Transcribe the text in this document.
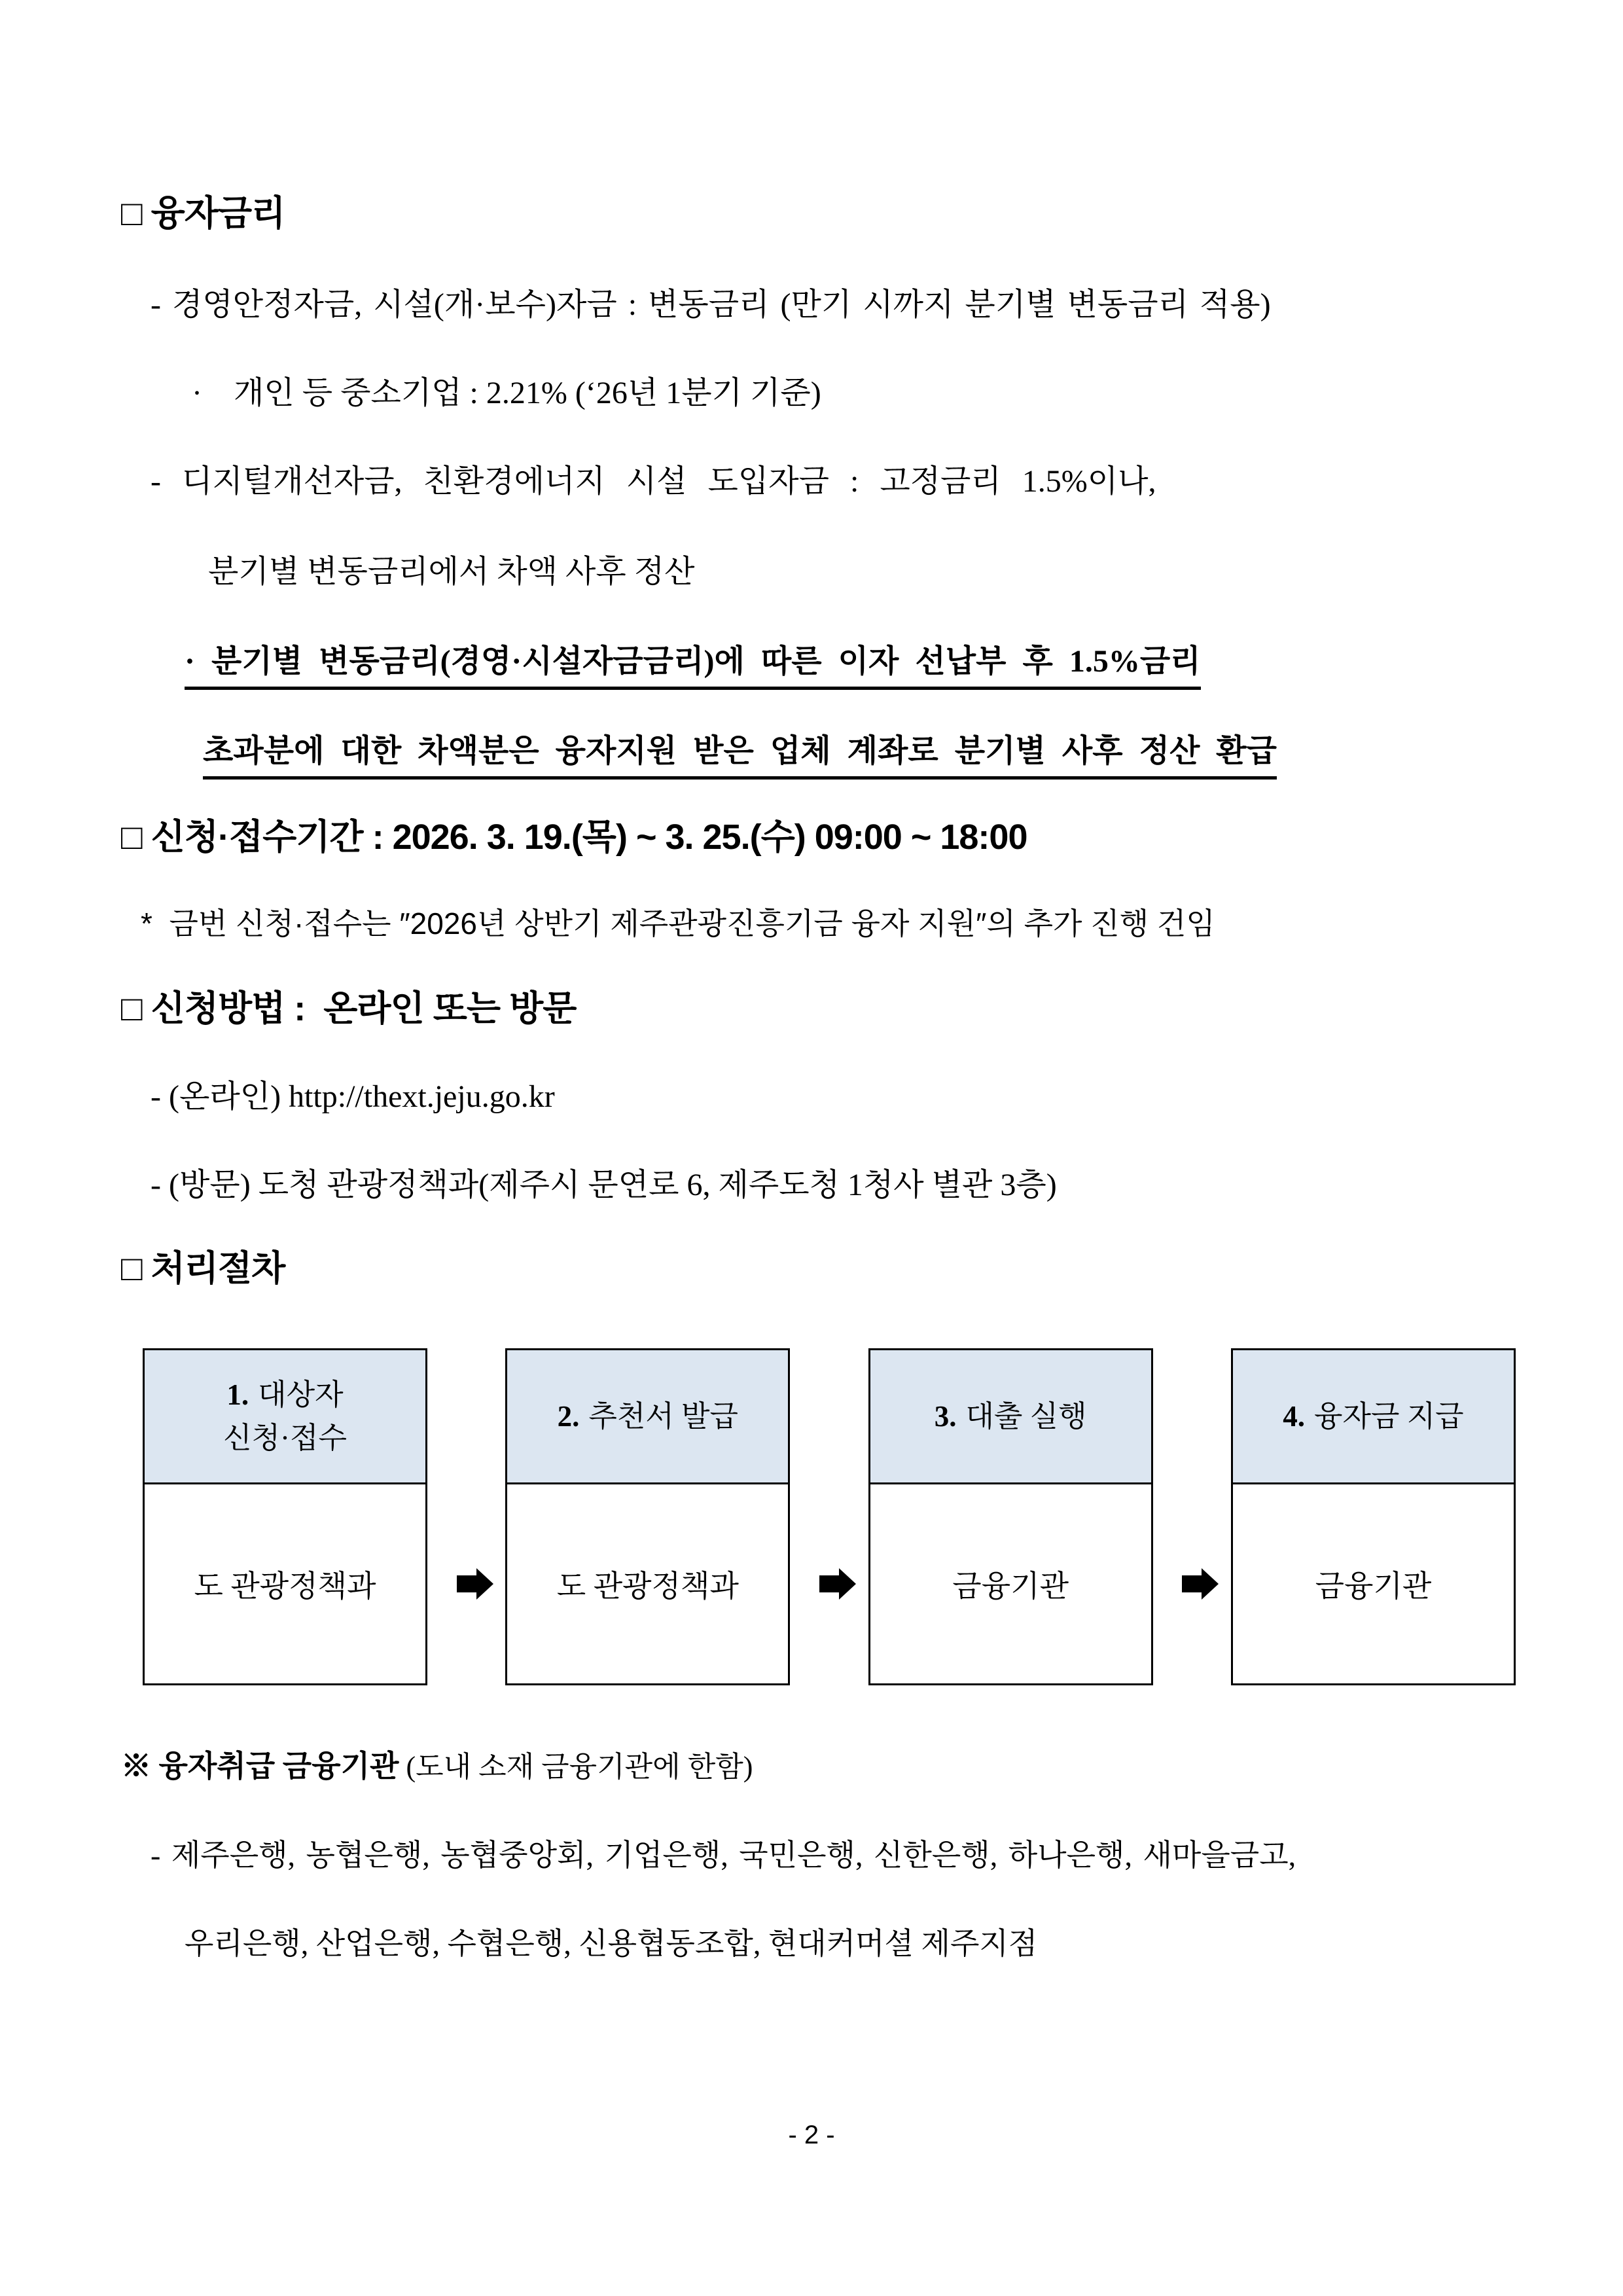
□ 융자금리
- 경영안정자금, 시설(개·보수)자금 : 변동금리 (만기 시까지 분기별 변동금리 적용)
·    개인 등 중소기업 : 2.21% (‘26년 1분기 기준)
- 디지털개선자금, 친환경에너지 시설 도입자금 : 고정금리 1.5%이나,
분기별 변동금리에서 차액 사후 정산
· 분기별 변동금리(경영·시설자금금리)에 따른 이자 선납부 후 1.5%금리
초과분에 대한 차액분은 융자지원 받은 업체 계좌로 분기별 사후 정산 환급
□ 신청·접수기간 : 2026. 3. 19.(목) ~ 3. 25.(수) 09:00 ~ 18:00
*  금번 신청·접수는 ″2026년 상반기 제주관광진흥기금 융자 지원″의 추가 진행 건임
□ 신청방법 :  온라인 또는 방문
- (온라인) http://thext.jeju.go.kr
- (방문) 도청 관광정책과(제주시 문연로 6, 제주도청 1청사 별관 3층)
□ 처리절차
1. 대상자
신청·접수
도 관광정책과
2. 추천서 발급
도 관광정책과
3. 대출 실행
금융기관
4. 융자금 지급
금융기관
※ 융자취급 금융기관 (도내 소재 금융기관에 한함)
- 제주은행, 농협은행, 농협중앙회, 기업은행, 국민은행, 신한은행, 하나은행, 새마을금고,
우리은행, 산업은행, 수협은행, 신용협동조합, 현대커머셜 제주지점
- 2 -
